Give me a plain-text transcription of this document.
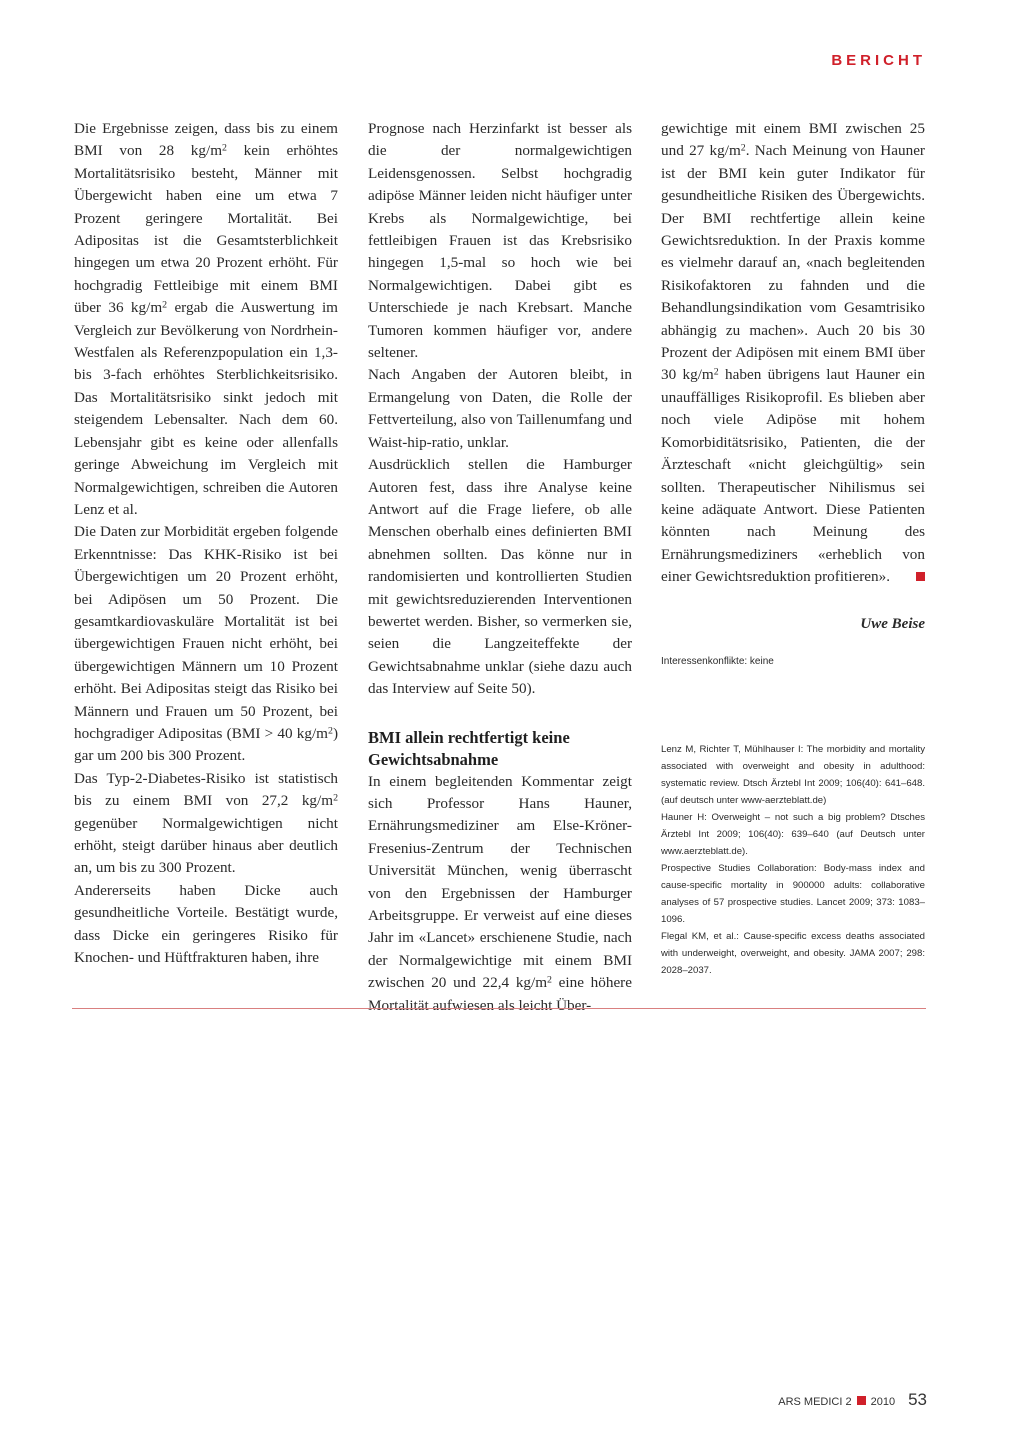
BERICHT

Die Ergebnisse zeigen, dass bis zu einem BMI von 28 $kg/m^2$ kein erhöhtes Mortalitätsrisiko besteht, Männer mit Übergewicht haben eine um etwa 7 Prozent geringere Mortalität. Bei Adipositas ist die Gesamtsterblichkeit hingegen um etwa 20 Prozent erhöht. Für hochgradig Fettleibige mit einem BMI über 36 $kg/m^2$ ergab die Auswertung im Vergleich zur Bevölkerung von Nordrhein-Westfalen als Referenzpopulation ein 1,3- bis 3-fach erhöhtes Sterblichkeitsrisiko. Das Mortalitätsrisiko sinkt jedoch mit steigendem Lebensalter. Nach dem 60. Lebensjahr gibt es keine oder allenfalls geringe Abweichung im Vergleich mit Normalgewichtigen, schreiben die Autoren Lenz et al.

Die Daten zur Morbidität ergeben folgende Erkenntnisse: Das KHK-Risiko ist bei Übergewichtigen um 20 Prozent erhöht, bei Adipösen um 50 Prozent. Die gesamtkardiovaskuläre Mortalität ist bei übergewichtigen Frauen nicht erhöht, bei übergewichtigen Männern um 10 Prozent erhöht. Bei Adipositas steigt das Risiko bei Männern und Frauen um 50 Prozent, bei hochgradiger Adipositas (BMI > 40 $kg/m^2$) gar um 200 bis 300 Prozent.

Das Typ-2-Diabetes-Risiko ist statistisch bis zu einem BMI von 27,2 $kg/m^2$ gegenüber Normalgewichtigen nicht erhöht, steigt darüber hinaus aber deutlich an, um bis zu 300 Prozent.

Andererseits haben Dicke auch gesundheitliche Vorteile. Bestätigt wurde, dass Dicke ein geringeres Risiko für Knochen- und Hüftfrakturen haben, ihre

Prognose nach Herzinfarkt ist besser als die der normalgewichtigen Leidensgenossen. Selbst hochgradig adipöse Männer leiden nicht häufiger unter Krebs als Normalgewichtige, bei fettleibigen Frauen ist das Krebsrisiko hingegen 1,5-mal so hoch wie bei Normalgewichtigen. Dabei gibt es Unterschiede je nach Krebsart. Manche Tumoren kommen häufiger vor, andere seltener.

Nach Angaben der Autoren bleibt, in Ermangelung von Daten, die Rolle der Fettverteilung, also von Taillenumfang und Waist-hip-ratio, unklar.

Ausdrücklich stellen die Hamburger Autoren fest, dass ihre Analyse keine Antwort auf die Frage liefere, ob alle Menschen oberhalb eines definierten BMI abnehmen sollten. Das könne nur in randomisierten und kontrollierten Studien mit gewichtsreduzierenden Interventionen bewertet werden. Bisher, so vermerken sie, seien die Langzeiteffekte der Gewichtsabnahme unklar (siehe dazu auch das Interview auf Seite 50).

BMI allein rechtfertigt keine Gewichtsabnahme

In einem begleitenden Kommentar zeigt sich Professor Hans Hauner, Ernährungsmediziner am Else-Kröner-Fresenius-Zentrum der Technischen Universität München, wenig überrascht von den Ergebnissen der Hamburger Arbeitsgruppe. Er verweist auf eine dieses Jahr im «Lancet» erschienene Studie, nach der Normalgewichtige mit einem BMI zwischen 20 und 22,4 $kg/m^2$ eine höhere Mortalität aufwiesen als leicht Über-

gewichtige mit einem BMI zwischen 25 und 27 $kg/m^2$. Nach Meinung von Hauner ist der BMI kein guter Indikator für gesundheitliche Risiken des Übergewichts. Der BMI rechtfertige allein keine Gewichtsreduktion. In der Praxis komme es vielmehr darauf an, «nach begleitenden Risikofaktoren zu fahnden und die Behandlungsindikation vom Gesamtrisiko abhängig zu machen». Auch 20 bis 30 Prozent der Adipösen mit einem BMI über 30 $kg/m^2$ haben übrigens laut Hauner ein unauffälliges Risikoprofil. Es blieben aber noch viele Adipöse mit hohem Komorbiditätsrisiko, Patienten, die der Ärzteschaft «nicht gleichgültig» sein sollten. Therapeutischer Nihilismus sei keine adäquate Antwort. Diese Patienten könnten nach Meinung des Ernährungsmediziners «erheblich von einer Gewichtsreduktion profitieren».

Uwe Beise
Interessenkonflikte: keine
Lenz M, Richter T, Mühlhauser I: The morbidity and mortality associated with overweight and obesity in adulthood: systematic review. Dtsch Ärztebl Int 2009; 106(40): 641–648. (auf deutsch unter www-aerzteblatt.de)
Hauner H: Overweight – not such a big problem? Dtsches Ärztebl Int 2009; 106(40): 639–640 (auf Deutsch unter www.aerzteblatt.de).
Prospective Studies Collaboration: Body-mass index and cause-specific mortality in 900000 adults: collaborative analyses of 57 prospective studies. Lancet 2009; 373: 1083–1096.
Flegal KM, et al.: Cause-specific excess deaths associated with underweight, overweight, and obesity. JAMA 2007; 298: 2028–2037.
ARS MEDICI 2 2010 53
